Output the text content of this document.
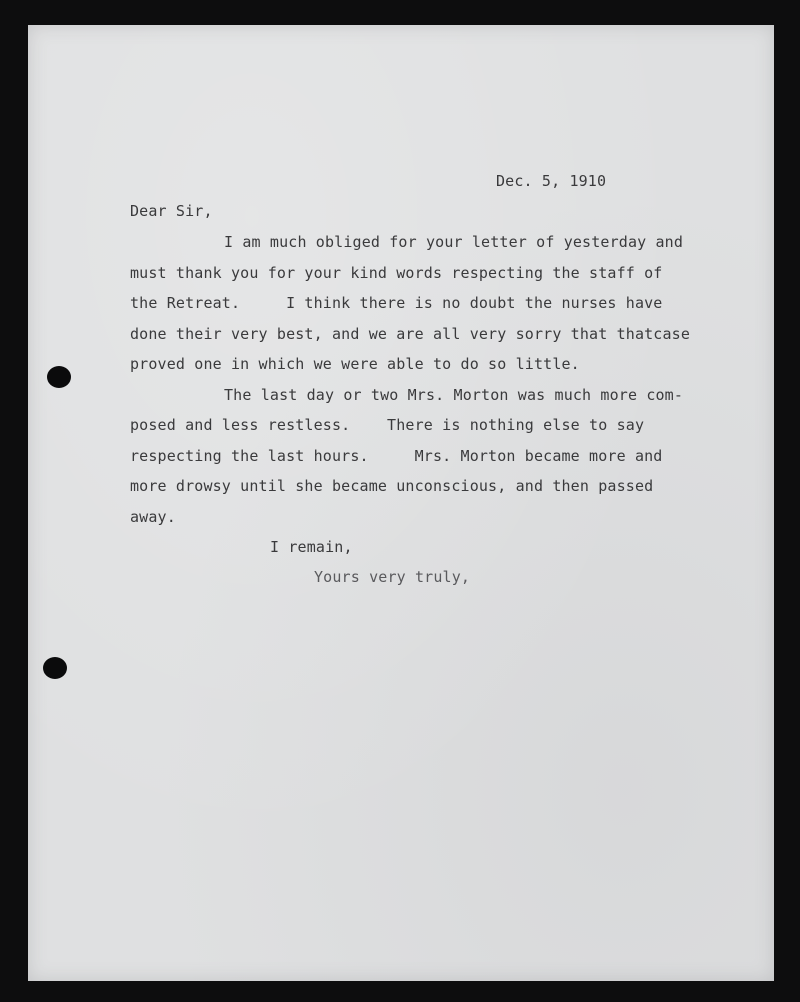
Dec. 5, 1910

Dear Sir,

I am much obliged for your letter of yesterday and

must thank you for your kind words respecting the staff of

the Retreat.     I think there is no doubt the nurses have

done their very best, and we are all very sorry that thatcase

proved one in which we were able to do so little.

The last day or two Mrs. Morton was much more com-

posed and less restless.    There is nothing else to say

respecting the last hours.     Mrs. Morton became more and

more drowsy until she became unconscious, and then passed

away.

I remain,

Yours very truly,
